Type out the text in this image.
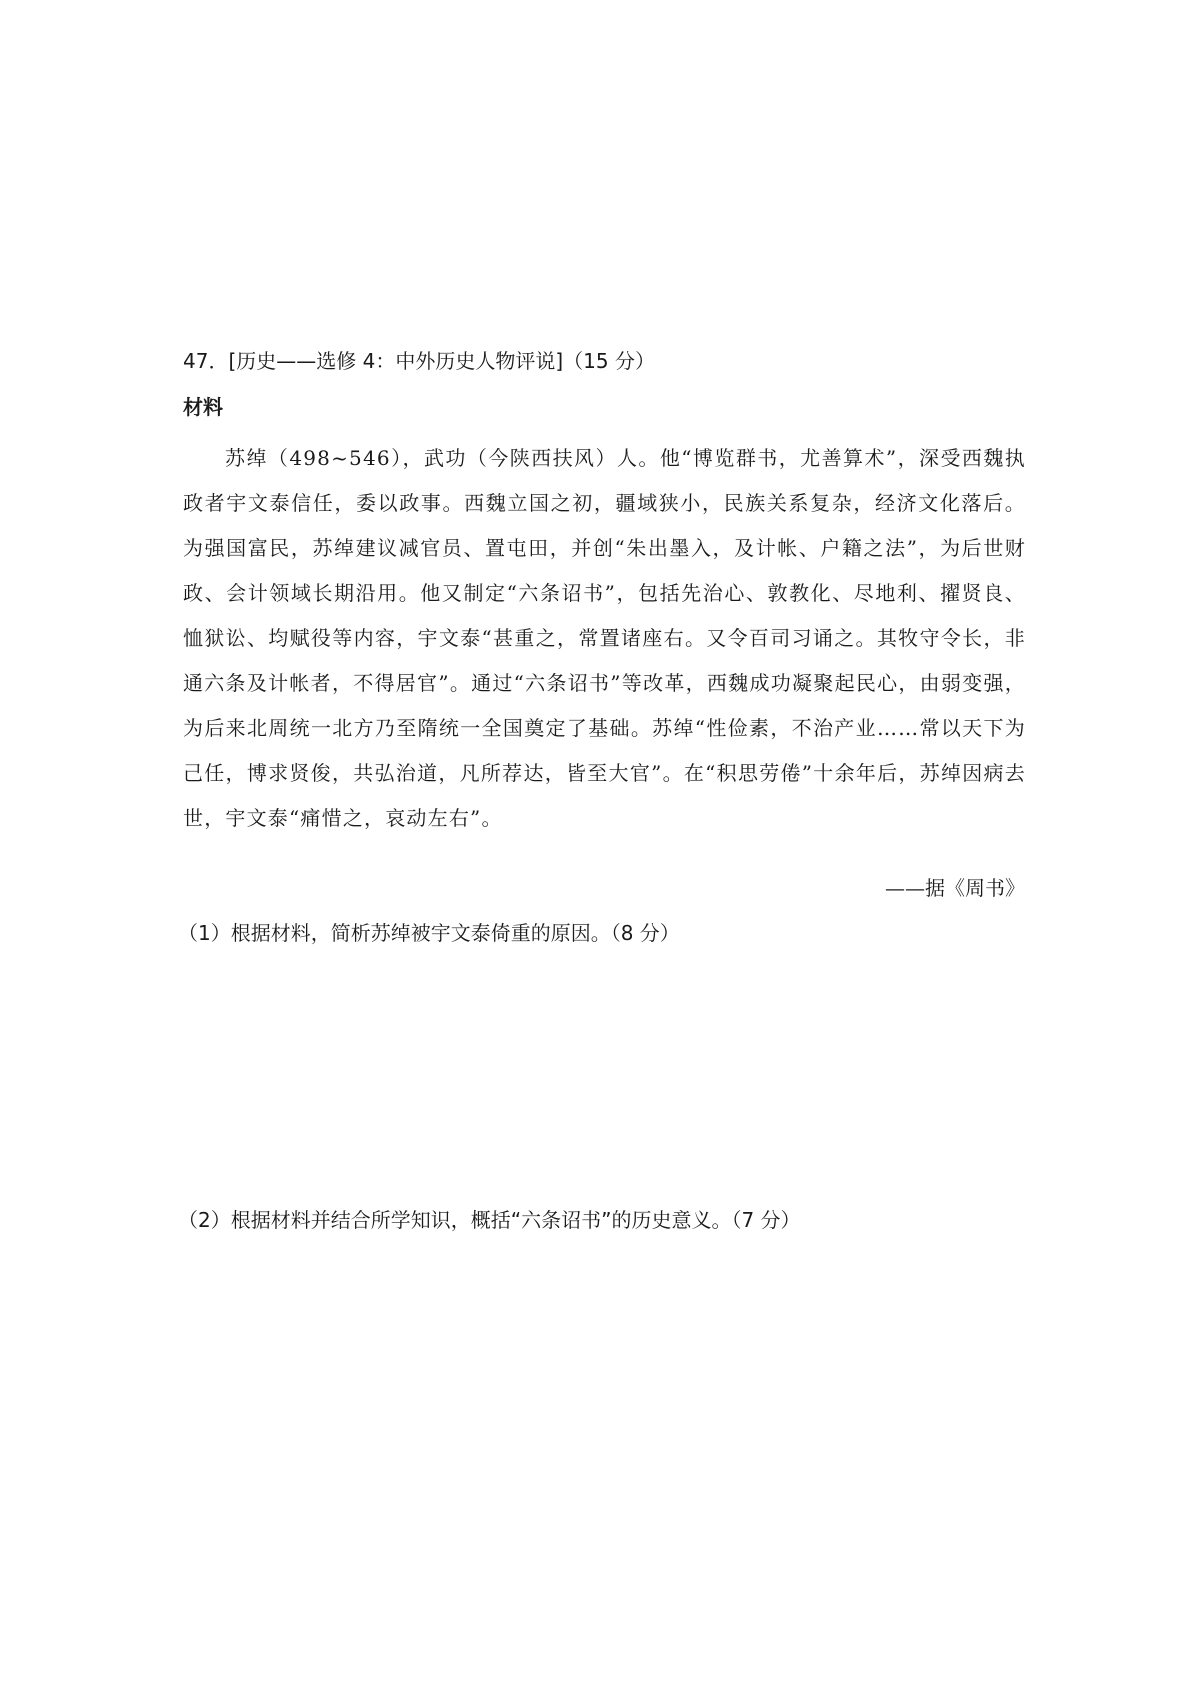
47．[历史——选修 4：中外历史人物评说]（15 分）
材料
苏绰（498~546），武功（今陕西扶风）人。他“博览群书，尤善算术”，深受西魏执政者宇文泰信任，委以政事。西魏立国之初，疆域狭小，民族关系复杂，经济文化落后。为强国富民，苏绰建议减官员、置屯田，并创“朱出墨入，及计帐、户籍之法”，为后世财政、会计领域长期沿用。他又制定“六条诏书”，包括先治心、敦教化、尽地利、擢贤良、恤狱讼、均赋役等内容，宇文泰“甚重之，常置诸座右。又令百司习诵之。其牧守令长，非通六条及计帐者，不得居官”。通过“六条诏书”等改革，西魏成功凝聚起民心，由弱变强，为后来北周统一北方乃至隋统一全国奠定了基础。苏绰“性俭素，不治产业……常以天下为己任，博求贤俊，共弘治道，凡所荐达，皆至大官”。在“积思劳倦”十余年后，苏绰因病去世，宇文泰“痛惜之，哀动左右”。
——据《周书》
（1）根据材料，简析苏绰被宇文泰倚重的原因。（8 分）
（2）根据材料并结合所学知识，概括“六条诏书”的历史意义。（7 分）
